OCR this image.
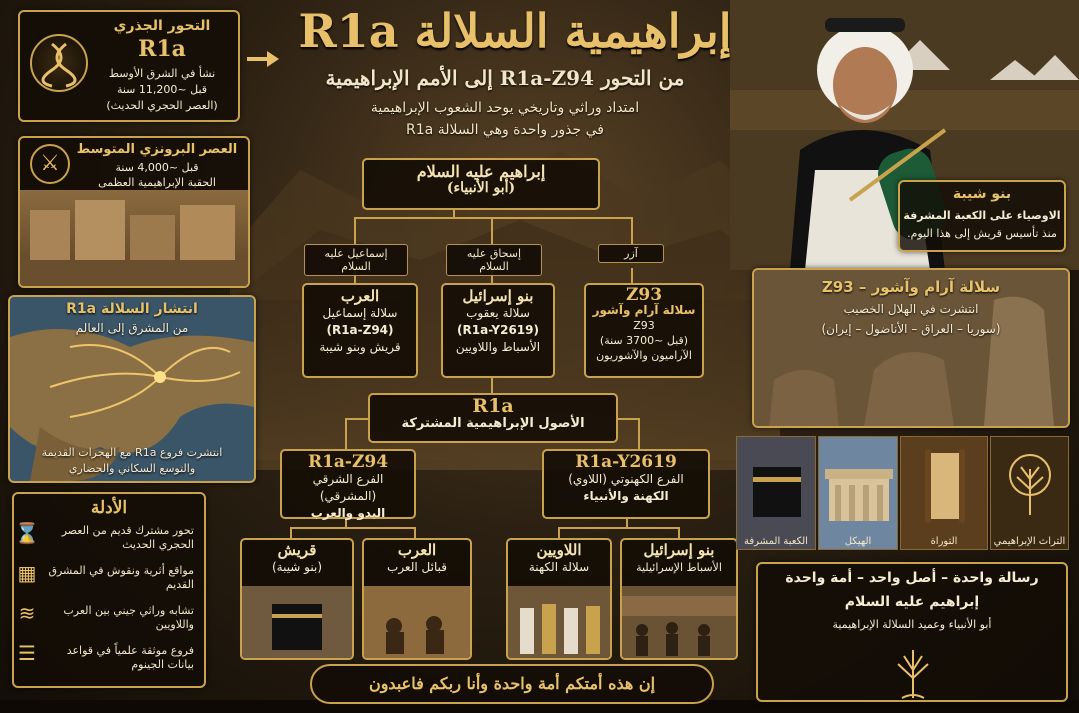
إبراهيمية السلالة R1a
من التحور R1a-Z94 إلى الأمم الإبراهيمية
امتداد وراثي وتاريخي يوحد الشعوب الإبراهيمية
في جذور واحدة وهي السلالة R1a
التحور الجذري
R1a
نشأ في الشرق الأوسط
قبل ~11,200 سنة
(العصر الحجري الحديث)
⚔
العصر البرونزي المتوسط
قبل ~4,000 سنة
الحقبة الإبراهيمية العظمى
انتشار السلالة R1a
من المشرق إلى العالم
انتشرت فروع R1a مع الهجرات القديمة
والتوسع السكاني والحضاري
الأدلة
⌛	تحور مشترك قديم من العصر الحجري الحديث
▦	مواقع أثرية ونقوش في المشرق القديم
≋	تشابه وراثي جيني بين العرب واللاويين
☰	فروع موثقة علمياً في قواعد بيانات الجينوم
إبراهيم عليه السلام
(أبو الأنبياء)
إسماعيل عليه السلام
إسحاق عليه السلام
آزر
العرب
سلالة إسماعيل
(R1a-Z94)
قريش وبنو شيبة
بنو إسرائيل
سلالة يعقوب
(R1a-Y2619)
الأسباط واللاويين
Z93
سلالة آرام وآشور
Z93
(قبل ~3700 سنة)
الآراميون والآشوريون
R1a
الأصول الإبراهيمية المشتركة
R1a-Z94
الفرع الشرقي (المشرقي)
البدو والعرب
R1a-Y2619
الفرع الكهنوتي (اللاوي)
الكهنة والأنبياء
قريش
(بنو شيبة)
العرب
قبائل العرب
اللاويين
سلالة الكهنة
بنو إسرائيل
الأسباط الإسرائيلية
بنو شيبة
الاوصياء على الكعبة المشرفة
منذ تأسيس قريش إلى هذا اليوم.
سلالة آرام وآشور – Z93
انتشرت في الهلال الخصيب
(سوريا – العراق – الأناضول – إيران)
التراث الإبراهيمي
التوراة
الهيكل
الكعبة المشرفة
رسالة واحدة – أصل واحد – أمة واحدة
إبراهيم عليه السلام
أبو الأنبياء وعميد السلالة الإبراهيمية
إن هذه أمتكم أمة واحدة وأنا ربكم فاعبدون
